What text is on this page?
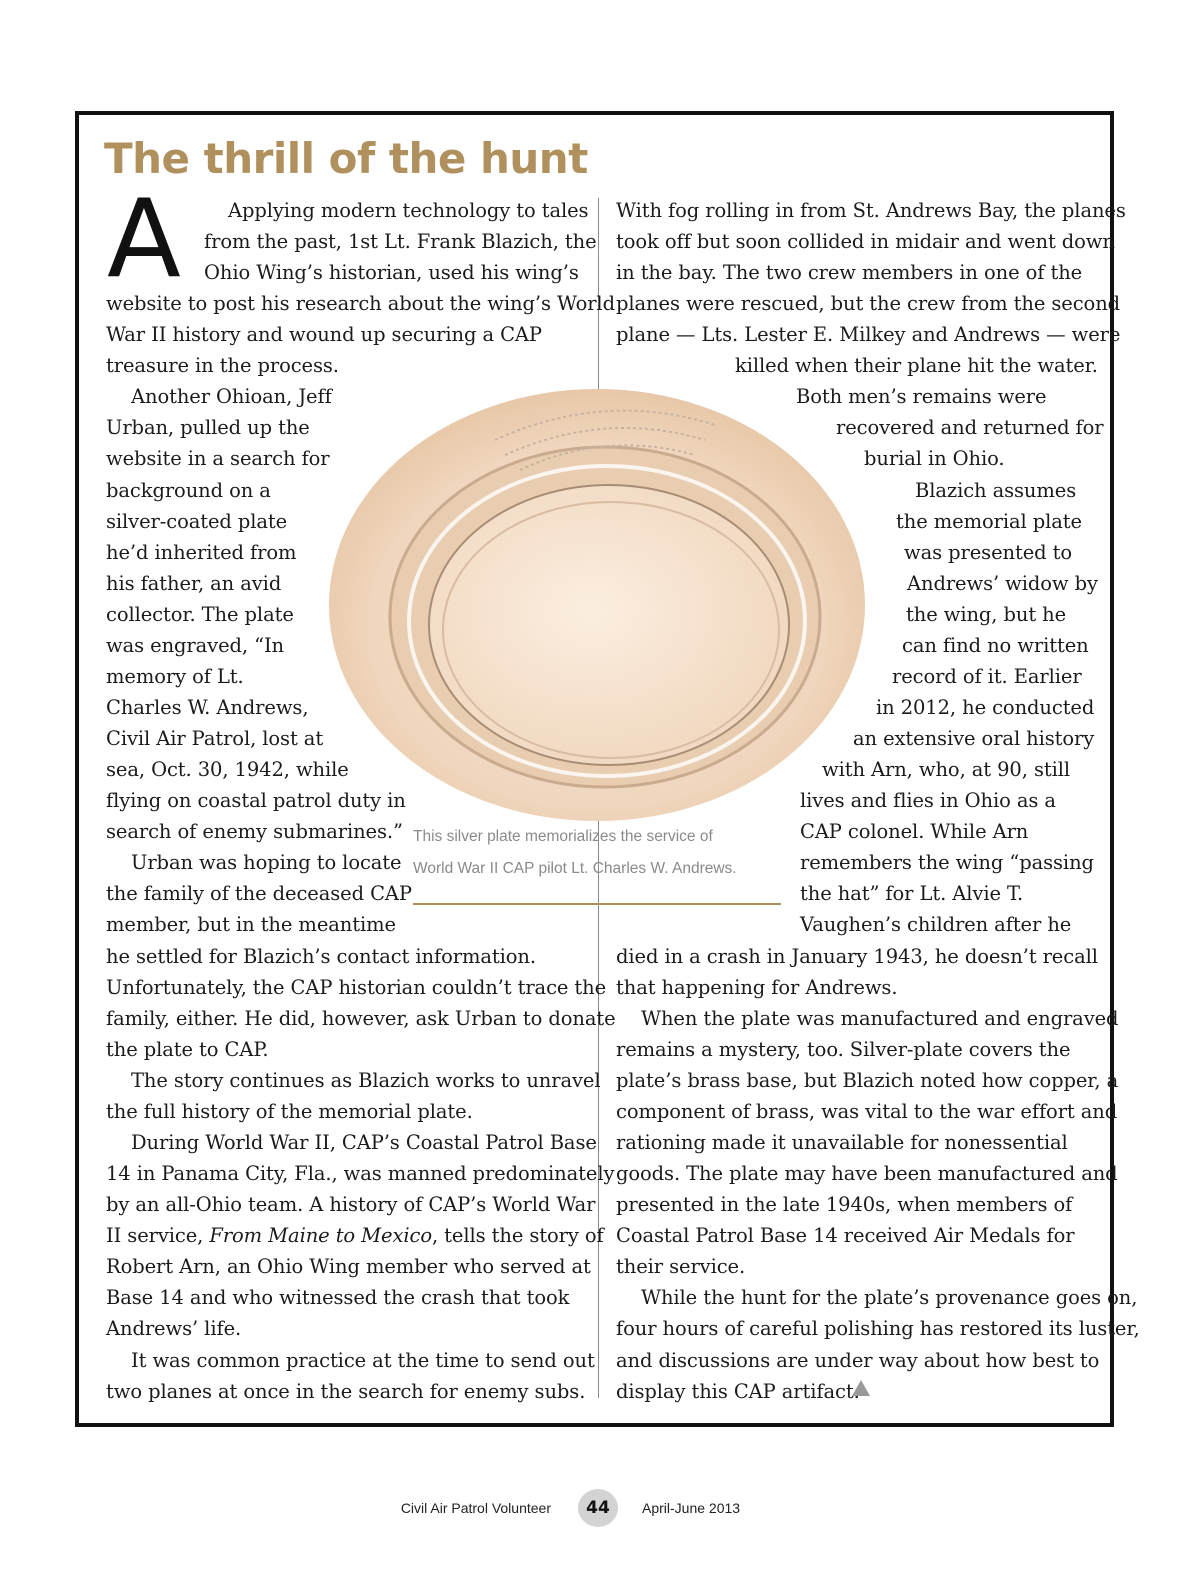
The thrill of the hunt
A
This silver plate memorializes the service of
World War II CAP pilot Lt. Charles W. Andrews.
Applying modern technology to tales
from the past, 1st Lt. Frank Blazich, the
Ohio Wing’s historian, used his wing’s
website to post his research about the wing’s World
War II history and wound up securing a CAP
treasure in the process.
Another Ohioan, Jeff
Urban, pulled up the
website in a search for
background on a
silver-coated plate
he’d inherited from
his father, an avid
collector. The plate
was engraved, “In
memory of Lt.
Charles W. Andrews,
Civil Air Patrol, lost at
sea, Oct. 30, 1942, while
flying on coastal patrol duty in
search of enemy submarines.”
Urban was hoping to locate
the family of the deceased CAP
member, but in the meantime
he settled for Blazich’s contact information.
Unfortunately, the CAP historian couldn’t trace the
family, either. He did, however, ask Urban to donate
the plate to CAP.
The story continues as Blazich works to unravel
the full history of the memorial plate.
During World War II, CAP’s Coastal Patrol Base
14 in Panama City, Fla., was manned predominately
by an all-Ohio team. A history of CAP’s World War
II service, From Maine to Mexico, tells the story of
Robert Arn, an Ohio Wing member who served at
Base 14 and who witnessed the crash that took
Andrews’ life.
It was common practice at the time to send out
two planes at once in the search for enemy subs.
With fog rolling in from St. Andrews Bay, the planes
took off but soon collided in midair and went down
in the bay. The two crew members in one of the
planes were rescued, but the crew from the second
plane — Lts. Lester E. Milkey and Andrews — were
killed when their plane hit the water.
Both men’s remains were
recovered and returned for
burial in Ohio.
Blazich assumes
the memorial plate
was presented to
Andrews’ widow by
the wing, but he
can find no written
record of it. Earlier
in 2012, he conducted
an extensive oral history
with Arn, who, at 90, still
lives and flies in Ohio as a
CAP colonel. While Arn
remembers the wing “passing
the hat” for Lt. Alvie T.
Vaughen’s children after he
died in a crash in January 1943, he doesn’t recall
that happening for Andrews.
When the plate was manufactured and engraved
remains a mystery, too. Silver-plate covers the
plate’s brass base, but Blazich noted how copper, a
component of brass, was vital to the war effort and
rationing made it unavailable for nonessential
goods. The plate may have been manufactured and
presented in the late 1940s, when members of
Coastal Patrol Base 14 received Air Medals for
their service.
While the hunt for the plate’s provenance goes on,
four hours of careful polishing has restored its luster,
and discussions are under way about how best to
display this CAP artifact.
Civil Air Patrol Volunteer	44	April-June 2013
